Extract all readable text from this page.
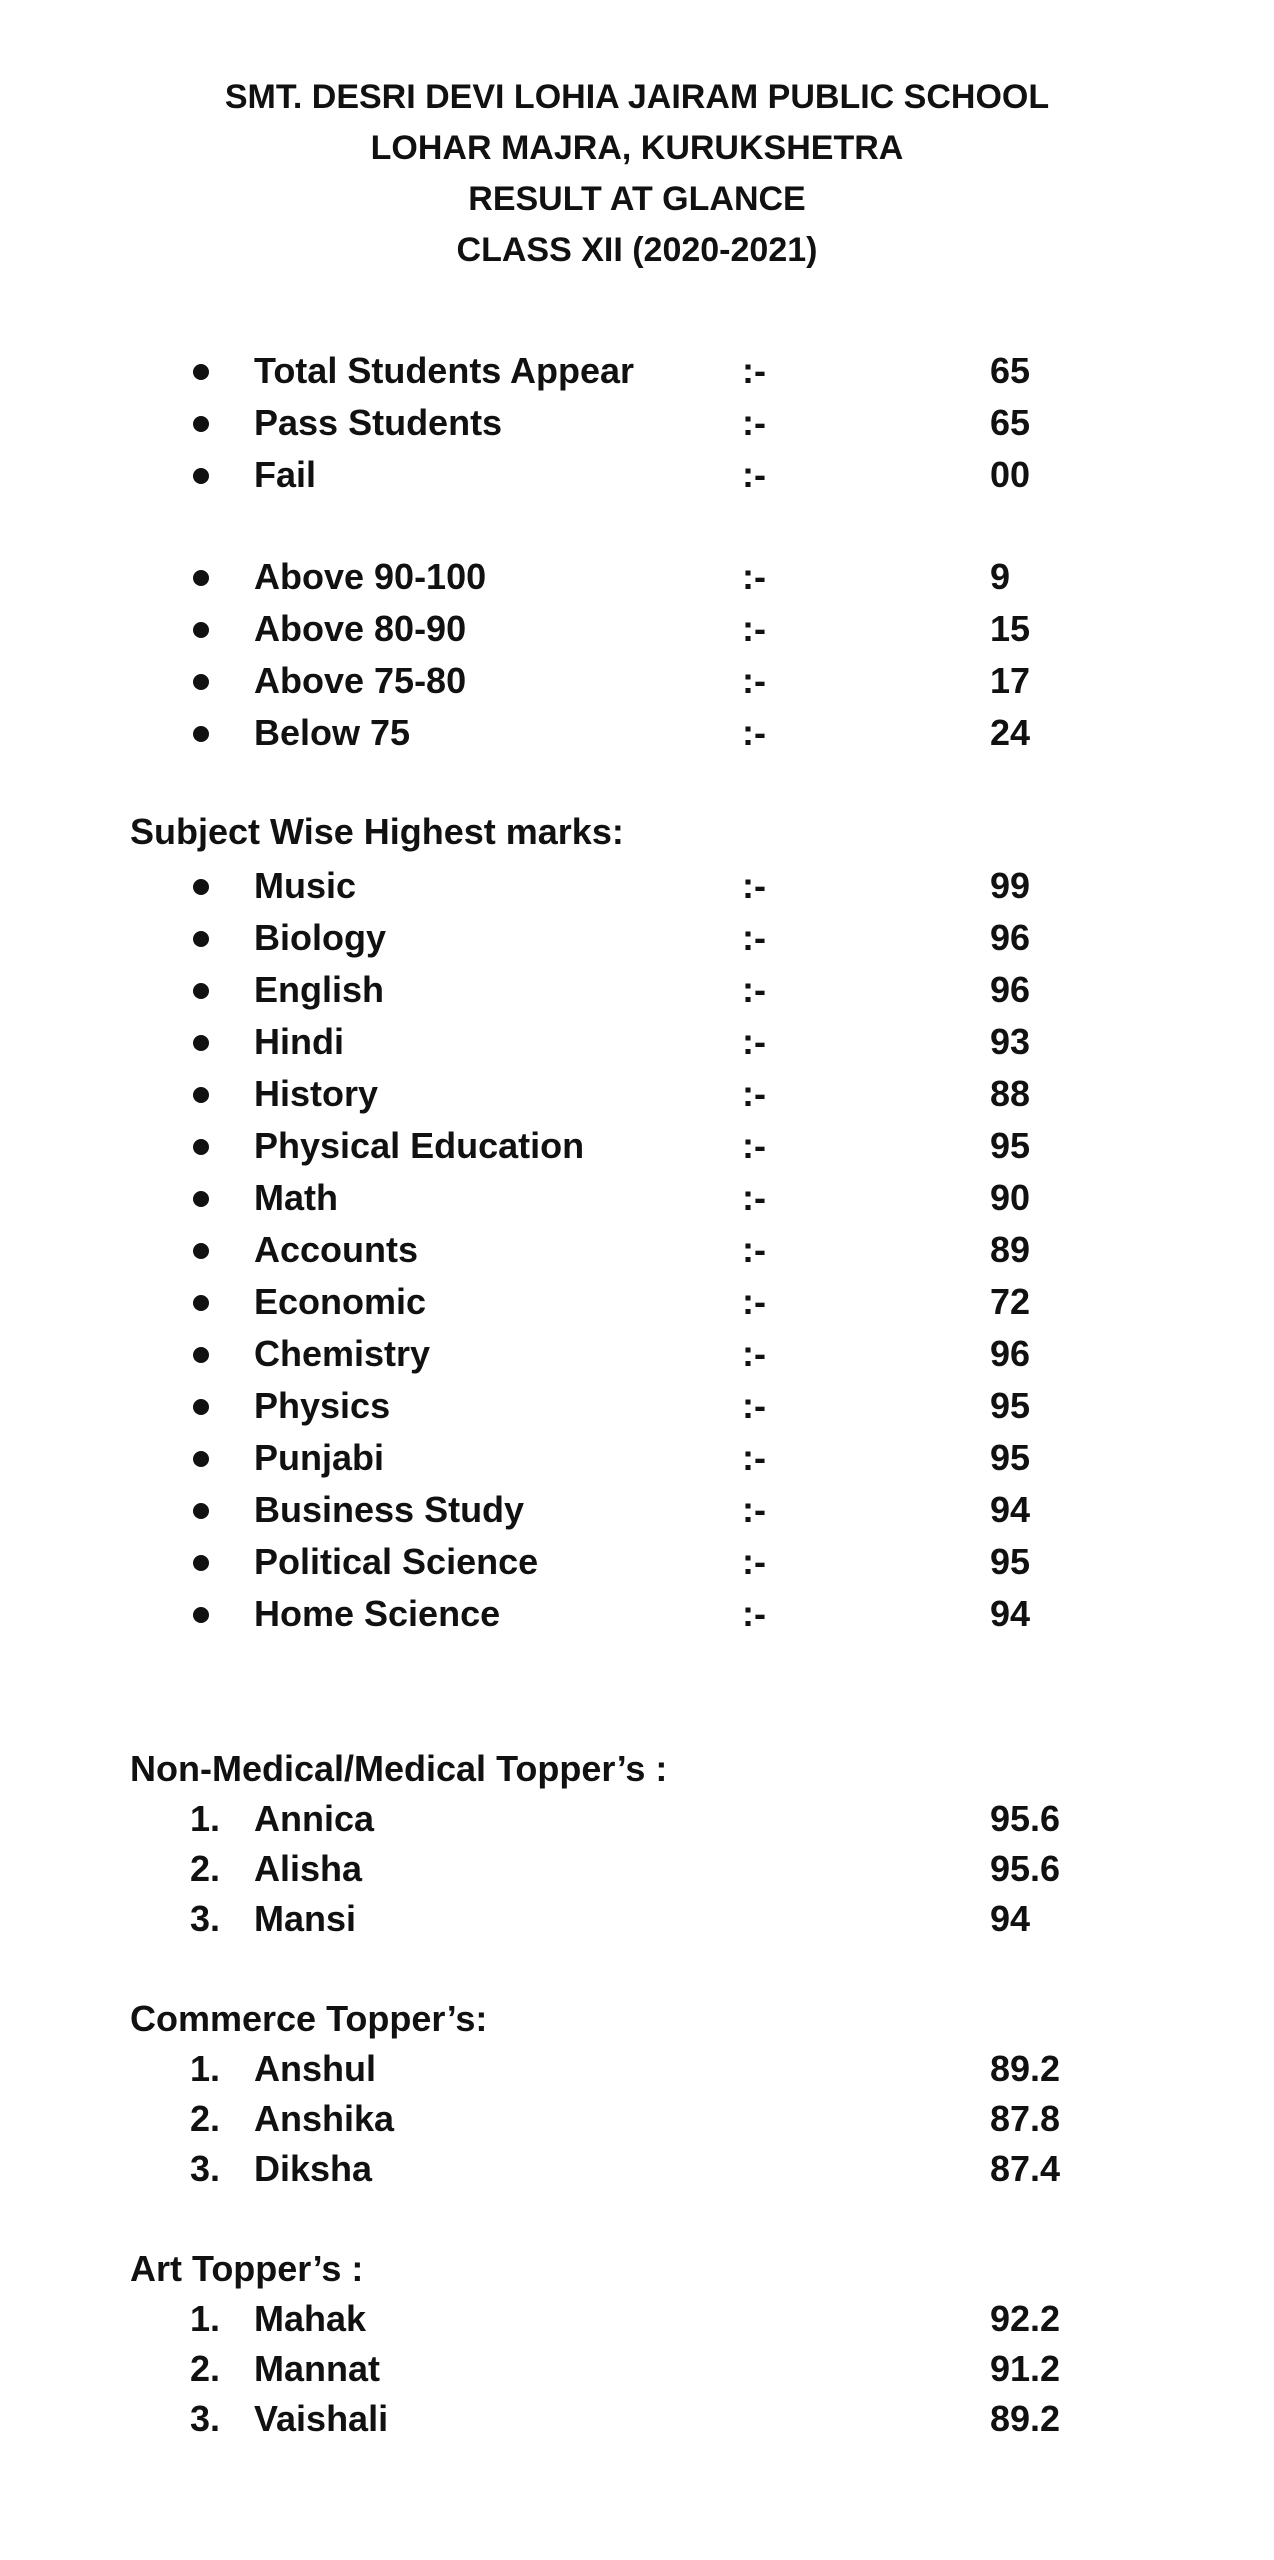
SMT. DESRI DEVI LOHIA JAIRAM PUBLIC SCHOOL
LOHAR MAJRA, KURUKSHETRA
RESULT AT GLANCE
CLASS XII (2020-2021)
Total Students Appear	:-	65
Pass Students	:-	65
Fail	:-	00
Above 90-100	:-	9
Above 80-90	:-	15
Above 75-80	:-	17
Below 75	:-	24
Subject Wise Highest marks:
Music	:-	99
Biology	:-	96
English	:-	96
Hindi	:-	93
History	:-	88
Physical Education	:-	95
Math	:-	90
Accounts	:-	89
Economic	:-	72
Chemistry	:-	96
Physics	:-	95
Punjabi	:-	95
Business Study	:-	94
Political Science	:-	95
Home Science	:-	94
Non-Medical/Medical Topper’s :
1. Annica	95.6
2. Alisha	95.6
3. Mansi	94
Commerce Topper’s:
1. Anshul	89.2
2. Anshika	87.8
3. Diksha	87.4
Art Topper’s :
1. Mahak	92.2
2. Mannat	91.2
3. Vaishali	89.2
